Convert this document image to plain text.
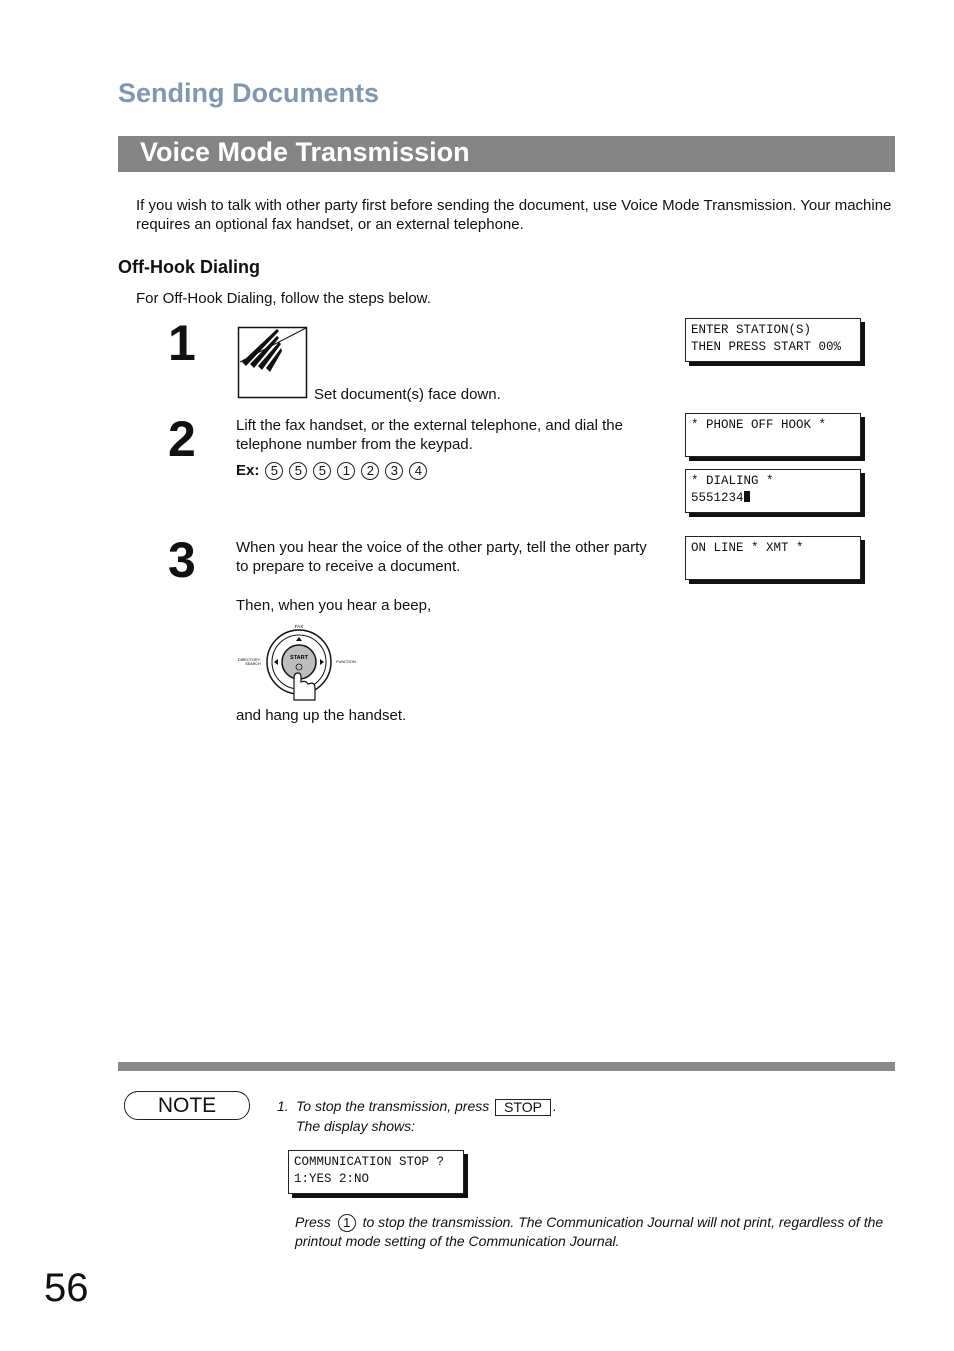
Sending Documents
Voice Mode Transmission
If you wish to talk with other party first before sending the document, use Voice Mode Transmission. Your machine requires an optional fax handset, or an external telephone.
Off-Hook Dialing
For Off-Hook Dialing, follow the steps below.
1
Set document(s) face down.
ENTER STATION(S)
THEN PRESS START 00%
2	Lift the fax handset, or the external telephone, and dial the telephone number from the keypad.
Ex: 5 5 5 1 2 3 4
* PHONE OFF HOOK *

* DIALING *
5551234
3	When you hear the voice of the other party, tell the other party to prepare to receive a document.
Then, when you hear a beep,
ON LINE * XMT *

START
FAX
DIRECTORY
SEARCH	FUNCTION
and hang up the handset.
NOTE	1. To stop the transmission, press STOP .
The display shows:
COMMUNICATION STOP ?
1:YES 2:NO
Press 1 to stop the transmission. The Communication Journal will not print, regardless of the printout mode setting of the Communication Journal.
56
